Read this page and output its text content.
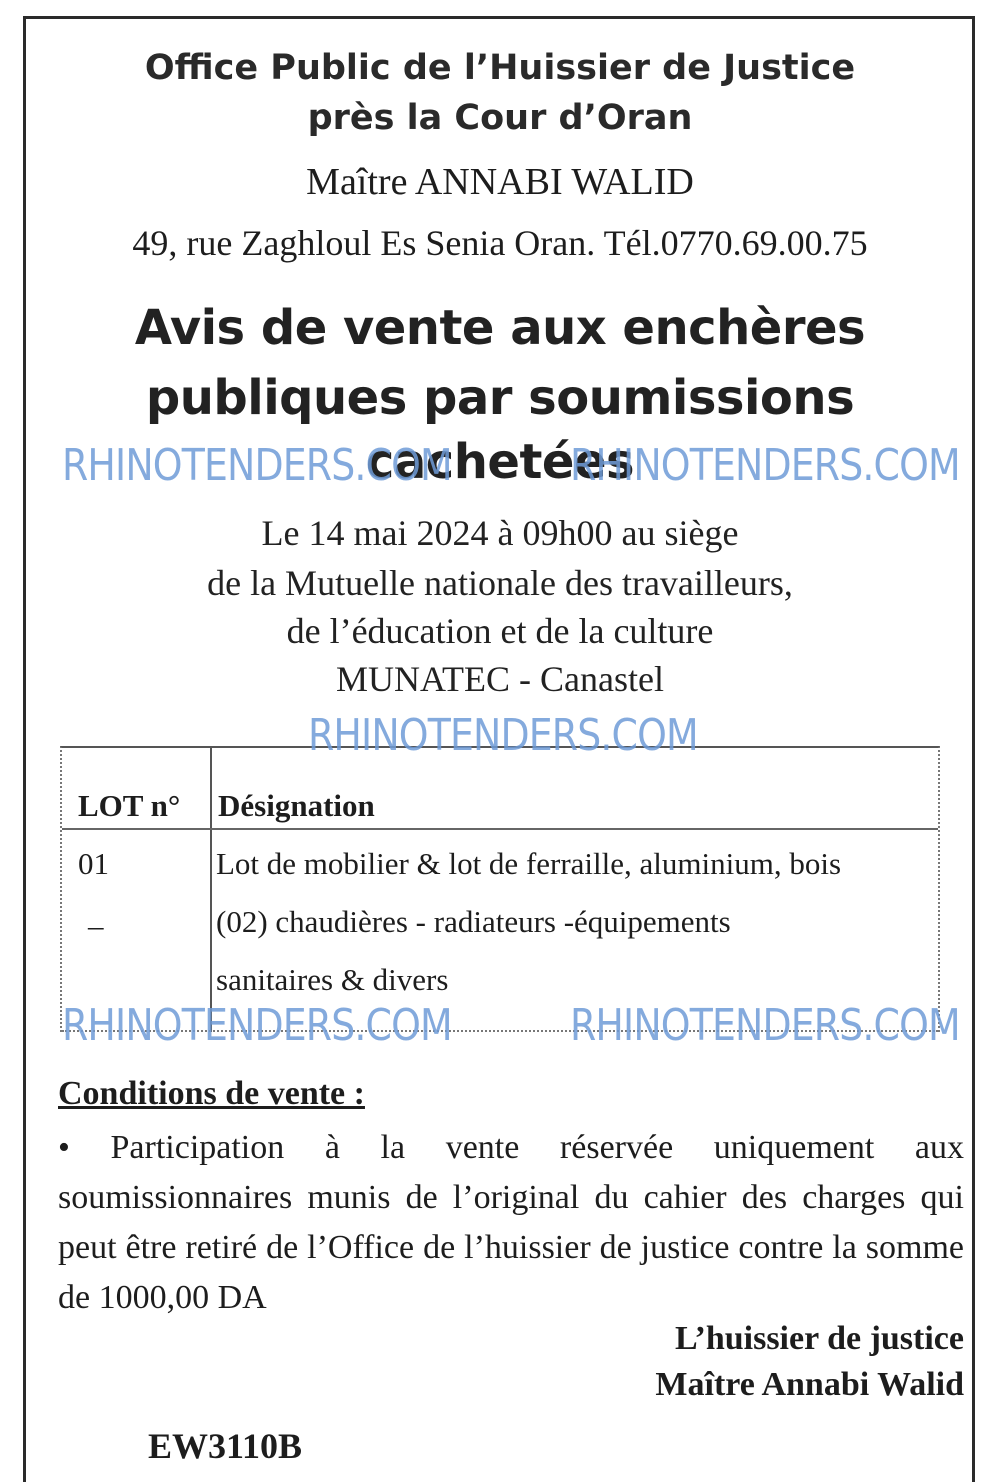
Office Public de l’Huissier de Justice
près la Cour d’Oran
Maître ANNABI WALID
49, rue Zaghloul Es Senia Oran. Tél.0770.69.00.75
Avis de vente aux enchères
publiques par soumissions
cachetées
Le 14 mai 2024 à 09h00 au siège
de la Mutuelle nationale des travailleurs,
de l’éducation et de la culture
MUNATEC - Canastel
LOT n° Désignation
01
–
Lot de mobilier & lot de ferraille, aluminium, bois
(02) chaudières - radiateurs -équipements
sanitaires & divers
Conditions de vente :
• Participation à la vente réservée uniquement aux soumissionnaires munis de l’original du cahier des charges qui peut être retiré de l’Office de l’huissier de justice contre la somme de 1000,00 DA
L’huissier de justice
Maître Annabi Walid
EW3110B
RHINOTENDERS.COM	RHINOTENDERS.COM
RHINOTENDERS.COM
RHINOTENDERS.COM	RHINOTENDERS.COM
